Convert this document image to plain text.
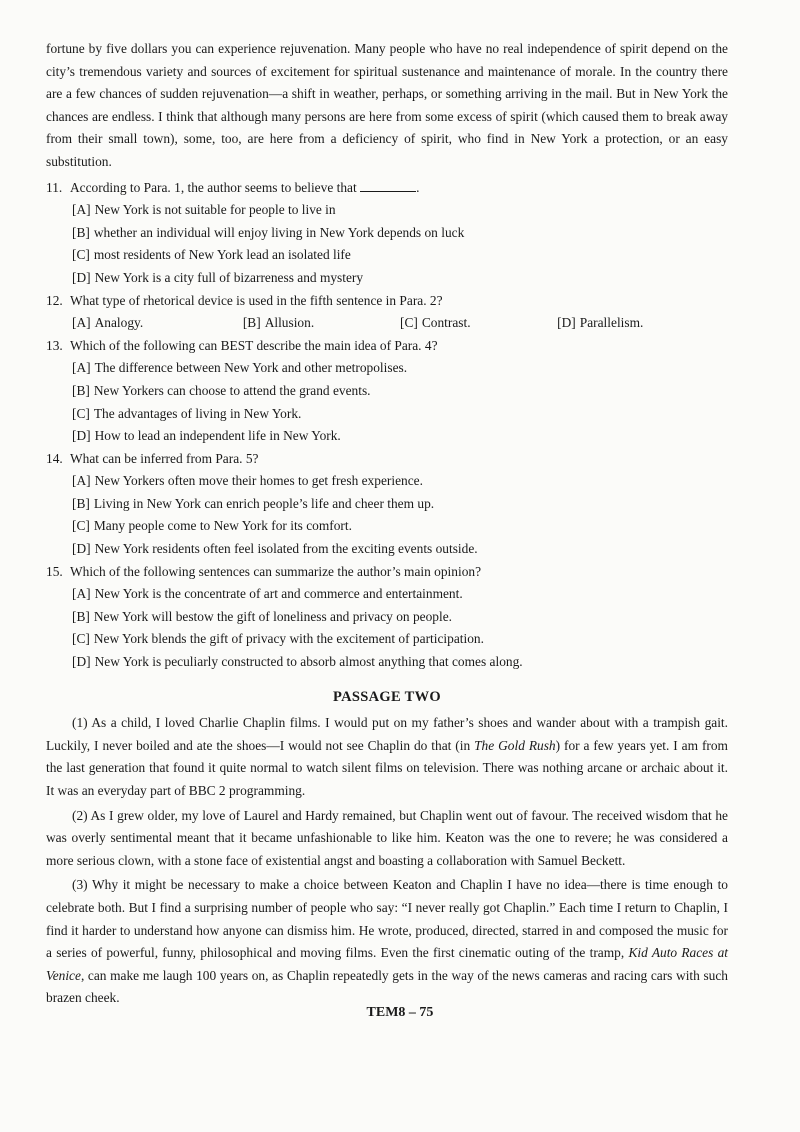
fortune by five dollars you can experience rejuvenation. Many people who have no real independence of spirit depend on the city’s tremendous variety and sources of excitement for spiritual sustenance and maintenance of morale. In the country there are a few chances of sudden rejuvenation—a shift in weather, perhaps, or something arriving in the mail. But in New York the chances are endless. I think that although many persons are here from some excess of spirit (which caused them to break away from their small town), some, too, are here from a deficiency of spirit, who find in New York a protection, or an easy substitution.

11. According to Para. 1, the author seems to believe that	.

[A] New York is not suitable for people to live in

[B] whether an individual will enjoy living in New York depends on luck

[C] most residents of New York lead an isolated life

[D] New York is a city full of bizarreness and mystery

12. What type of rhetorical device is used in the fifth sentence in Para. 2?

[A] Analogy.	[B] Allusion.	[C] Contrast.	[D] Parallelism.

13. Which of the following can BEST describe the main idea of Para. 4?

[A] The difference between New York and other metropolises.

[B] New Yorkers can choose to attend the grand events.

[C] The advantages of living in New York.

[D] How to lead an independent life in New York.

14. What can be inferred from Para. 5?

[A] New Yorkers often move their homes to get fresh experience.

[B] Living in New York can enrich people’s life and cheer them up.

[C] Many people come to New York for its comfort.

[D] New York residents often feel isolated from the exciting events outside.

15. Which of the following sentences can summarize the author’s main opinion?

[A] New York is the concentrate of art and commerce and entertainment.

[B] New York will bestow the gift of loneliness and privacy on people.

[C] New York blends the gift of privacy with the excitement of participation.

[D] New York is peculiarly constructed to absorb almost anything that comes along.

PASSAGE TWO

(1) As a child, I loved Charlie Chaplin films. I would put on my father’s shoes and wander about with a trampish gait. Luckily, I never boiled and ate the shoes—I would not see Chaplin do that (in The Gold Rush) for a few years yet. I am from the last generation that found it quite normal to watch silent films on television. There was nothing arcane or archaic about it. It was an everyday part of BBC 2 programming.

(2) As I grew older, my love of Laurel and Hardy remained, but Chaplin went out of favour. The received wisdom that he was overly sentimental meant that it became unfashionable to like him. Keaton was the one to revere; he was considered a more serious clown, with a stone face of existential angst and boasting a collaboration with Samuel Beckett.

(3) Why it might be necessary to make a choice between Keaton and Chaplin I have no idea—there is time enough to celebrate both. But I find a surprising number of people who say: “I never really got Chaplin.” Each time I return to Chaplin, I find it harder to understand how anyone can dismiss him. He wrote, produced, directed, starred in and composed the music for a series of powerful, funny, philosophical and moving films. Even the first cinematic outing of the tramp, Kid Auto Races at Venice, can make me laugh 100 years on, as Chaplin repeatedly gets in the way of the news cameras and racing cars with such brazen cheek.

TEM8 – 75
